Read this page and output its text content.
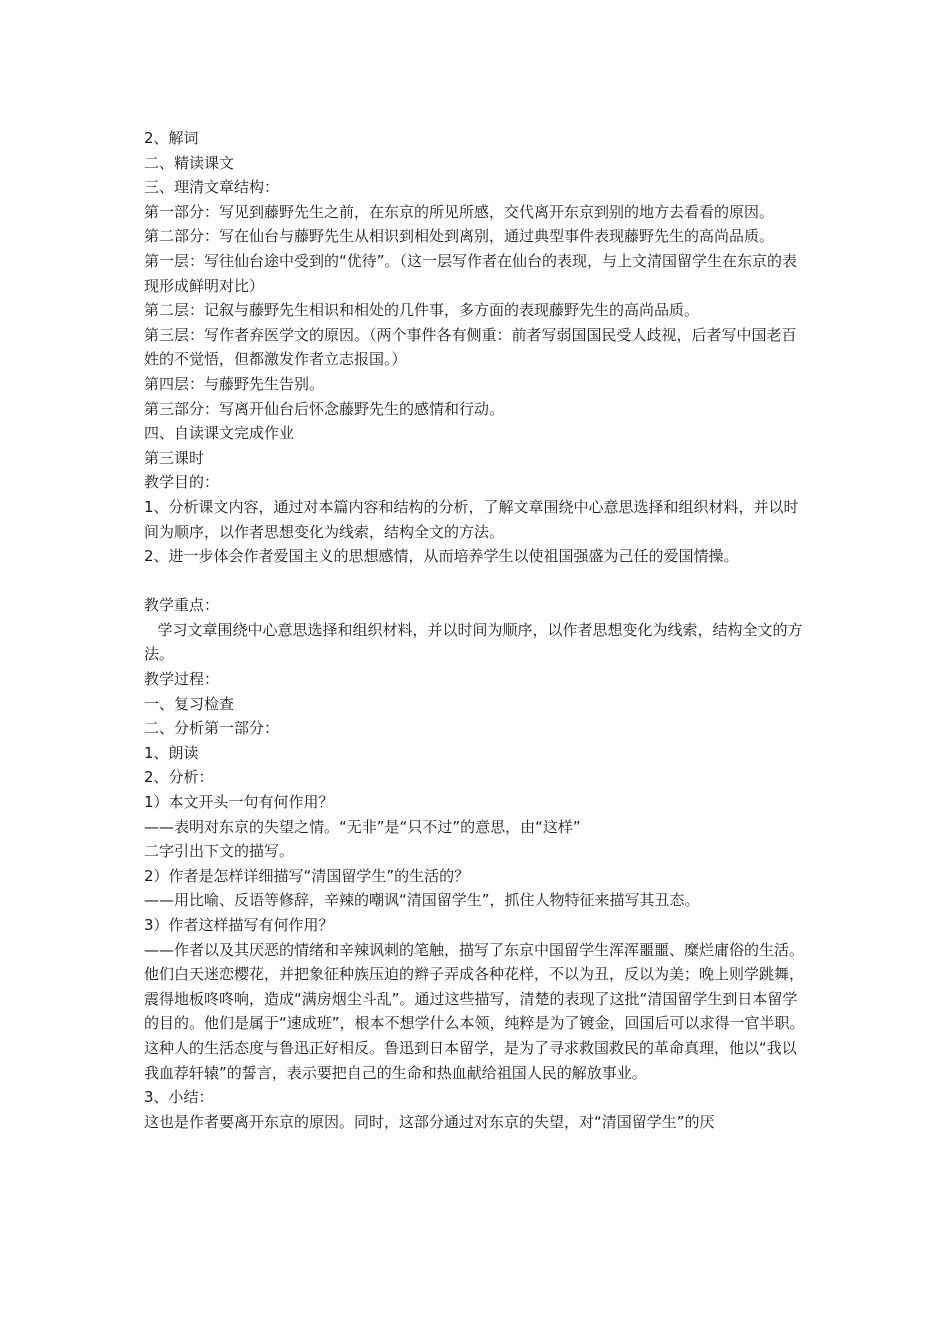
2、解词

二、精读课文

三、理清文章结构：

第一部分：写见到藤野先生之前，在东京的所见所感，交代离开东京到别的地方去看看的原因。

第二部分：写在仙台与藤野先生从相识到相处到离别，通过典型事件表现藤野先生的高尚品质。

第一层：写往仙台途中受到的“优待”。（这一层写作者在仙台的表现，与上文清国留学生在东京的表现形成鲜明对比）

第二层：记叙与藤野先生相识和相处的几件事，多方面的表现藤野先生的高尚品质。

第三层：写作者弃医学文的原因。（两个事件各有侧重：前者写弱国国民受人歧视，后者写中国老百姓的不觉悟，但都激发作者立志报国。）

第四层：与藤野先生告别。

第三部分：写离开仙台后怀念藤野先生的感情和行动。

四、自读课文完成作业

第三课时

教学目的：

1、分析课文内容，通过对本篇内容和结构的分析，了解文章围绕中心意思选择和组织材料，并以时间为顺序，以作者思想变化为线索，结构全文的方法。

2、进一步体会作者爱国主义的思想感情，从而培养学生以使祖国强盛为己任的爱国情操。

教学重点：

学习文章围绕中心意思选择和组织材料，并以时间为顺序，以作者思想变化为线索，结构全文的方法。

教学过程：

一、复习检查

二、分析第一部分：

1、朗读

2、分析：

1）本文开头一句有何作用？

——表明对东京的失望之情。“无非”是“只不过”的意思，由“这样”

二字引出下文的描写。

2）作者是怎样详细描写“清国留学生”的生活的？

——用比喻、反语等修辞，辛辣的嘲讽“清国留学生”，抓住人物特征来描写其丑态。

3）作者这样描写有何作用？

——作者以及其厌恶的情绪和辛辣讽刺的笔触，描写了东京中国留学生浑浑噩噩、糜烂庸俗的生活。他们白天迷恋樱花，并把象征种族压迫的辫子弄成各种花样，不以为丑，反以为美；晚上则学跳舞，震得地板咚咚响，造成“满房烟尘斗乱”。通过这些描写，清楚的表现了这批“清国留学生到日本留学的目的。他们是属于“速成班”，根本不想学什么本领，纯粹是为了镀金，回国后可以求得一官半职。这种人的生活态度与鲁迅正好相反。鲁迅到日本留学，是为了寻求救国救民的革命真理，他以“我以我血荐轩辕”的誓言，表示要把自己的生命和热血献给祖国人民的解放事业。

3、小结：

这也是作者要离开东京的原因。同时，这部分通过对东京的失望，对“清国留学生”的厌
